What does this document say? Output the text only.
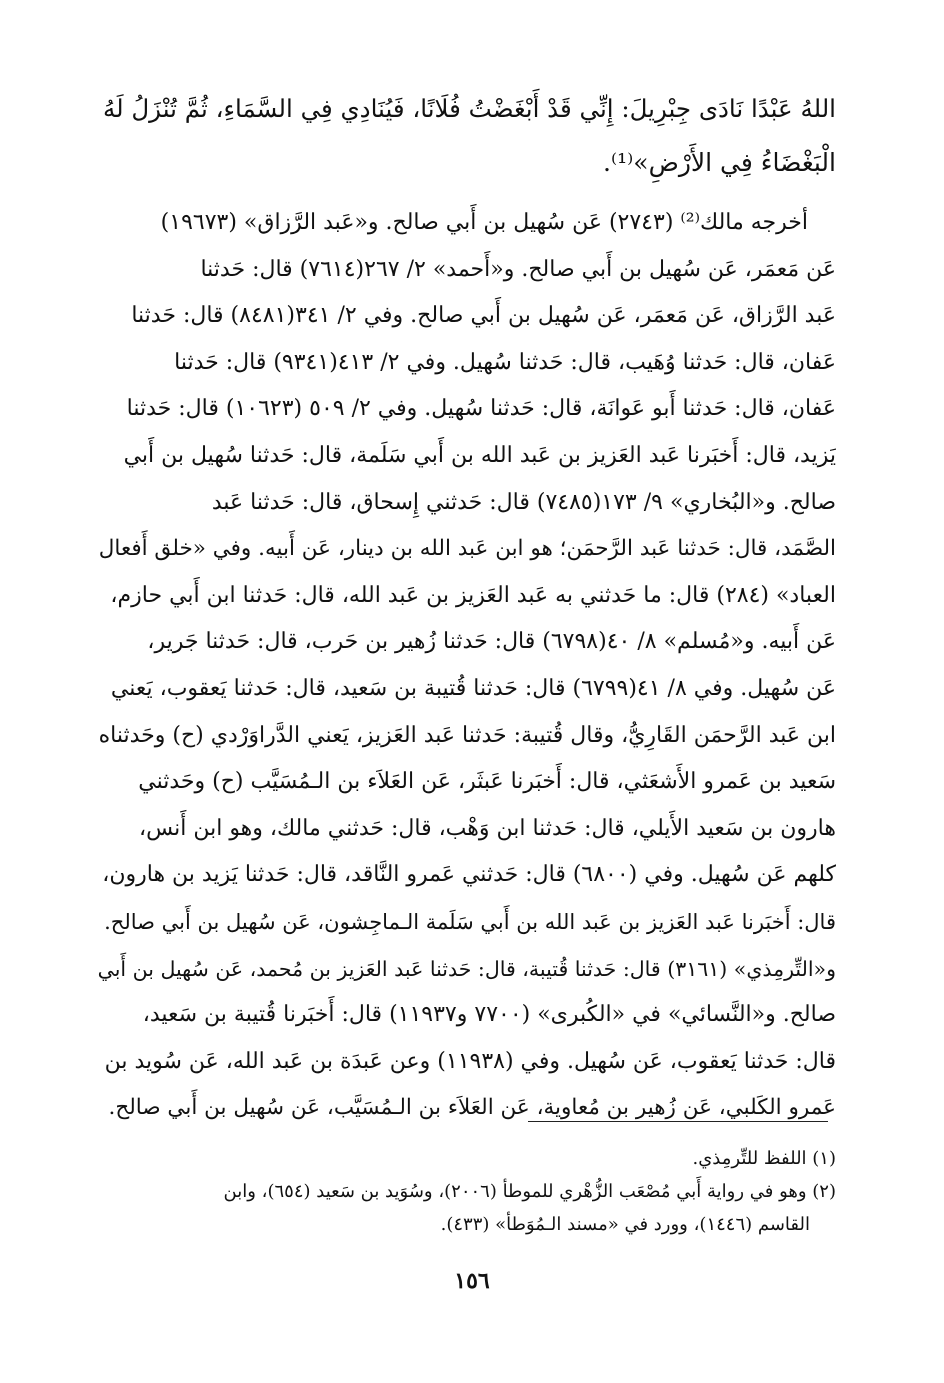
اللهُ عَبْدًا نَادَى جِبْرِيلَ: إِنِّي قَدْ أَبْغَضْتُ فُلَانًا، فَيُنَادِي فِي السَّمَاءِ، ثُمَّ تُنْزَلُ لَهُ
الْبَغْضَاءُ فِي الأَرْضِ»⁽¹⁾.
أخرجه مالك⁽²⁾ (٢٧٤٣) عَن سُهيل بن أَبي صالح. و«عَبد الرَّزاق» (١٩٦٧٣)
عَن مَعمَر، عَن سُهيل بن أَبي صالح. و«أَحمد» ٢/ ٢٦٧(٧٦١٤) قال: حَدثنا
عَبد الرَّزاق، عَن مَعمَر، عَن سُهيل بن أَبي صالح. وفي ٢/ ٣٤١(٨٤٨١) قال: حَدثنا
عَفان، قال: حَدثنا وُهَيب، قال: حَدثنا سُهيل. وفي ٢/ ٤١٣(٩٣٤١) قال: حَدثنا
عَفان، قال: حَدثنا أَبو عَوانَة، قال: حَدثنا سُهيل. وفي ٢/ ٥٠٩ (١٠٦٢٣) قال: حَدثنا
يَزيد، قال: أَخبَرنا عَبد العَزيز بن عَبد الله بن أَبي سَلَمة، قال: حَدثنا سُهيل بن أَبي
صالح. و«البُخاري» ٩/ ١٧٣(٧٤٨٥) قال: حَدثني إِسحاق، قال: حَدثنا عَبد
الصَّمَد، قال: حَدثنا عَبد الرَّحمَن؛ هو ابن عَبد الله بن دينار، عَن أَبيه. وفي «خلق أَفعال
العباد» (٢٨٤) قال: ما حَدثني به عَبد العَزيز بن عَبد الله، قال: حَدثنا ابن أَبي حازم،
عَن أَبيه. و«مُسلم» ٨/ ٤٠(٦٧٩٨) قال: حَدثنا زُهير بن حَرب، قال: حَدثنا جَرير،
عَن سُهيل. وفي ٨/ ٤١(٦٧٩٩) قال: حَدثنا قُتيبة بن سَعيد، قال: حَدثنا يَعقوب، يَعني
ابن عَبد الرَّحمَن القَارِيُّ، وقال قُتيبة: حَدثنا عَبد العَزيز، يَعني الدَّراوَرْدي (ح) وحَدثناه
سَعيد بن عَمرو الأَشعَثي، قال: أَخبَرنا عَبثَر، عَن العَلاَء بن الـمُسَيَّب (ح) وحَدثني
هارون بن سَعيد الأَيلي، قال: حَدثنا ابن وَهْب، قال: حَدثني مالك، وهو ابن أَنس،
كلهم عَن سُهيل. وفي (٦٨٠٠) قال: حَدثني عَمرو النَّاقد، قال: حَدثنا يَزيد بن هارون،
قال: أَخبَرنا عَبد العَزيز بن عَبد الله بن أَبي سَلَمة الـماجِشون، عَن سُهيل بن أَبي صالح.
و«التِّرمِذي» (٣١٦١) قال: حَدثنا قُتيبة، قال: حَدثنا عَبد العَزيز بن مُحمد، عَن سُهيل بن أَبي
صالح. و«النَّسائي» في «الكُبرى» (٧٧٠٠ و١١٩٣٧) قال: أَخبَرنا قُتيبة بن سَعيد،
قال: حَدثنا يَعقوب، عَن سُهيل. وفي (١١٩٣٨) وعن عَبدَة بن عَبد الله، عَن سُويد بن
عَمرو الكَلبي، عَن زُهير بن مُعاوية، عَن العَلاَء بن الـمُسَيَّب، عَن سُهيل بن أَبي صالح.
(١) اللفظ للتِّرمِذي.
(٢) وهو في رواية أَبي مُصْعَب الزُّهْري للموطأ (٢٠٠٦)، وسُوَيد بن سَعيد (٦٥٤)، وابن
القاسم (١٤٤٦)، وورد في «مسند الـمُوَطأ» (٤٣٣).
١٥٦
